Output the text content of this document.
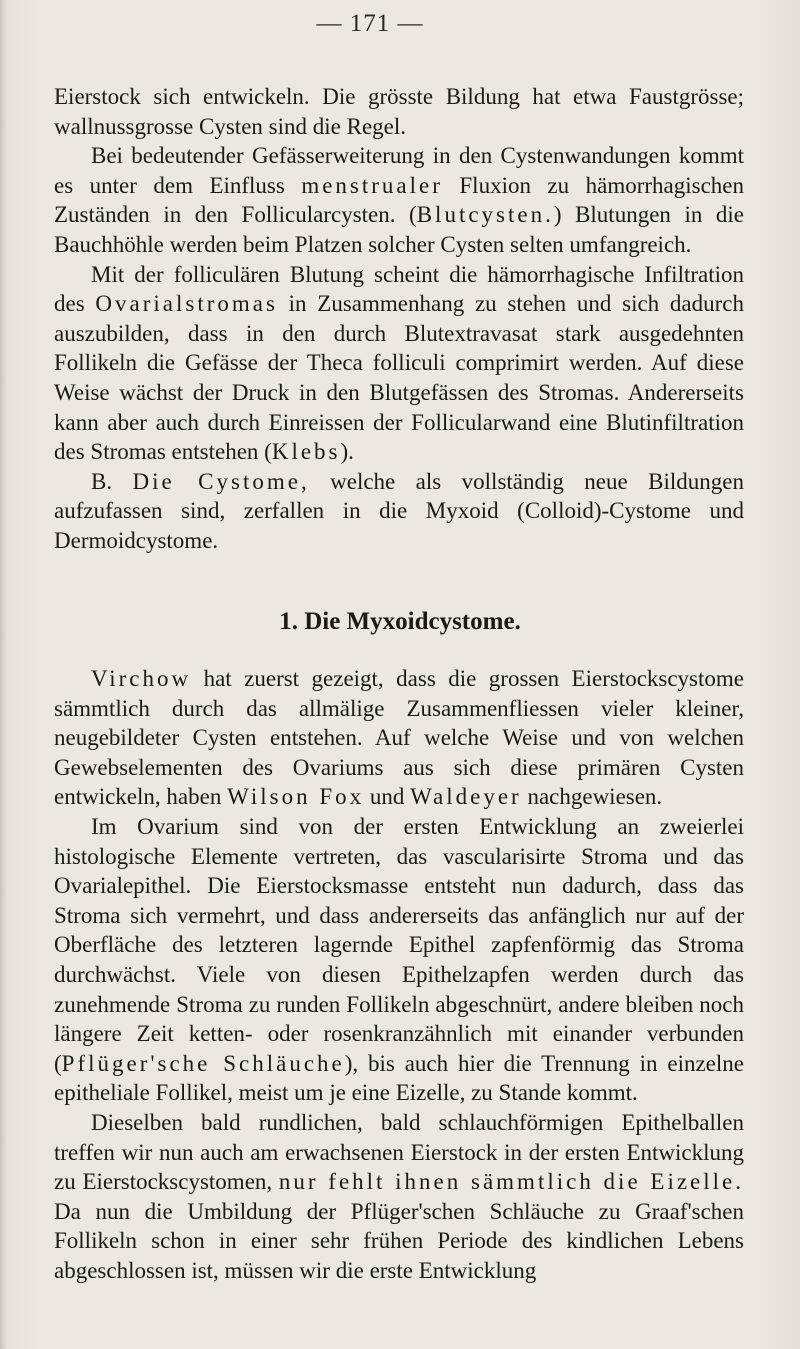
— 171 —

Eierstock sich entwickeln. Die grösste Bildung hat etwa Faustgrösse; wallnussgrosse Cysten sind die Regel.

Bei bedeutender Gefässerweiterung in den Cystenwandungen kommt es unter dem Einfluss menstrualer Fluxion zu hämorrhagischen Zuständen in den Follicularcysten. (Blutcysten.) Blutungen in die Bauchhöhle werden beim Platzen solcher Cysten selten umfangreich.

Mit der folliculären Blutung scheint die hämorrhagische Infiltration des Ovarialstromas in Zusammenhang zu stehen und sich dadurch auszubilden, dass in den durch Blutextravasat stark ausgedehnten Follikeln die Gefässe der Theca folliculi comprimirt werden. Auf diese Weise wächst der Druck in den Blutgefässen des Stromas. Andererseits kann aber auch durch Einreissen der Follicularwand eine Blutinfiltration des Stromas entstehen (Klebs).

B. Die Cystome, welche als vollständig neue Bildungen aufzufassen sind, zerfallen in die Myxoid (Colloid)-Cystome und Dermoidcystome.

1. Die Myxoidcystome.

Virchow hat zuerst gezeigt, dass die grossen Eierstockscystome sämmtlich durch das allmälige Zusammenfliessen vieler kleiner, neugebildeter Cysten entstehen. Auf welche Weise und von welchen Gewebselementen des Ovariums aus sich diese primären Cysten entwickeln, haben Wilson Fox und Waldeyer nachgewiesen.

Im Ovarium sind von der ersten Entwicklung an zweierlei histologische Elemente vertreten, das vascularisirte Stroma und das Ovarialepithel. Die Eierstocksmasse entsteht nun dadurch, dass das Stroma sich vermehrt, und dass andererseits das anfänglich nur auf der Oberfläche des letzteren lagernde Epithel zapfenförmig das Stroma durchwächst. Viele von diesen Epithelzapfen werden durch das zunehmende Stroma zu runden Follikeln abgeschnürt, andere bleiben noch längere Zeit ketten- oder rosenkranzähnlich mit einander verbunden (Pflüger'sche Schläuche), bis auch hier die Trennung in einzelne epitheliale Follikel, meist um je eine Eizelle, zu Stande kommt.

Dieselben bald rundlichen, bald schlauchförmigen Epithelballen treffen wir nun auch am erwachsenen Eierstock in der ersten Entwicklung zu Eierstockscystomen, nur fehlt ihnen sämmtlich die Eizelle. Da nun die Umbildung der Pflüger'schen Schläuche zu Graaf'schen Follikeln schon in einer sehr frühen Periode des kindlichen Lebens abgeschlossen ist, müssen wir die erste Entwicklung
